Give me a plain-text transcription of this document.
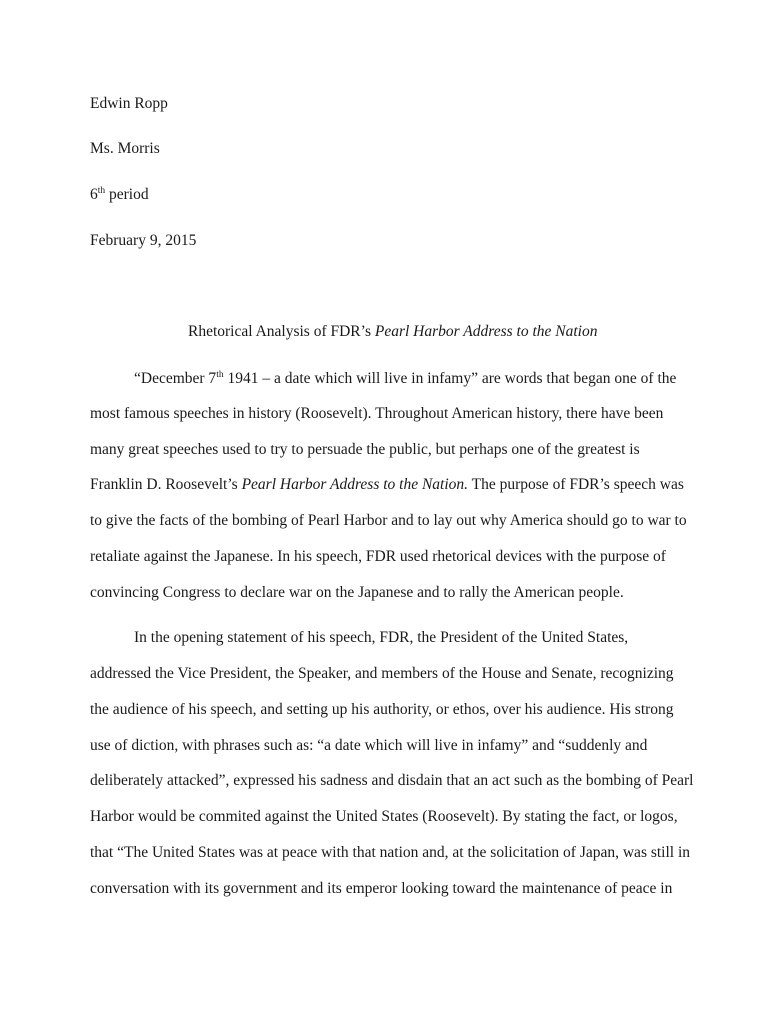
Edwin Ropp
Ms. Morris
6th period
February 9, 2015
Rhetorical Analysis of FDR’s Pearl Harbor Address to the Nation
“December 7th 1941 – a date which will live in infamy” are words that began one of the
most famous speeches in history (Roosevelt). Throughout American history, there have been
many great speeches used to try to persuade the public, but perhaps one of the greatest is
Franklin D. Roosevelt’s Pearl Harbor Address to the Nation. The purpose of FDR’s speech was
to give the facts of the bombing of Pearl Harbor and to lay out why America should go to war to
retaliate against the Japanese. In his speech, FDR used rhetorical devices with the purpose of
convincing Congress to declare war on the Japanese and to rally the American people.
In the opening statement of his speech, FDR, the President of the United States,
addressed the Vice President, the Speaker, and members of the House and Senate, recognizing
the audience of his speech, and setting up his authority, or ethos, over his audience. His strong
use of diction, with phrases such as: “a date which will live in infamy” and “suddenly and
deliberately attacked”, expressed his sadness and disdain that an act such as the bombing of Pearl
Harbor would be commited against the United States (Roosevelt). By stating the fact, or logos,
that “The United States was at peace with that nation and, at the solicitation of Japan, was still in
conversation with its government and its emperor looking toward the maintenance of peace in
